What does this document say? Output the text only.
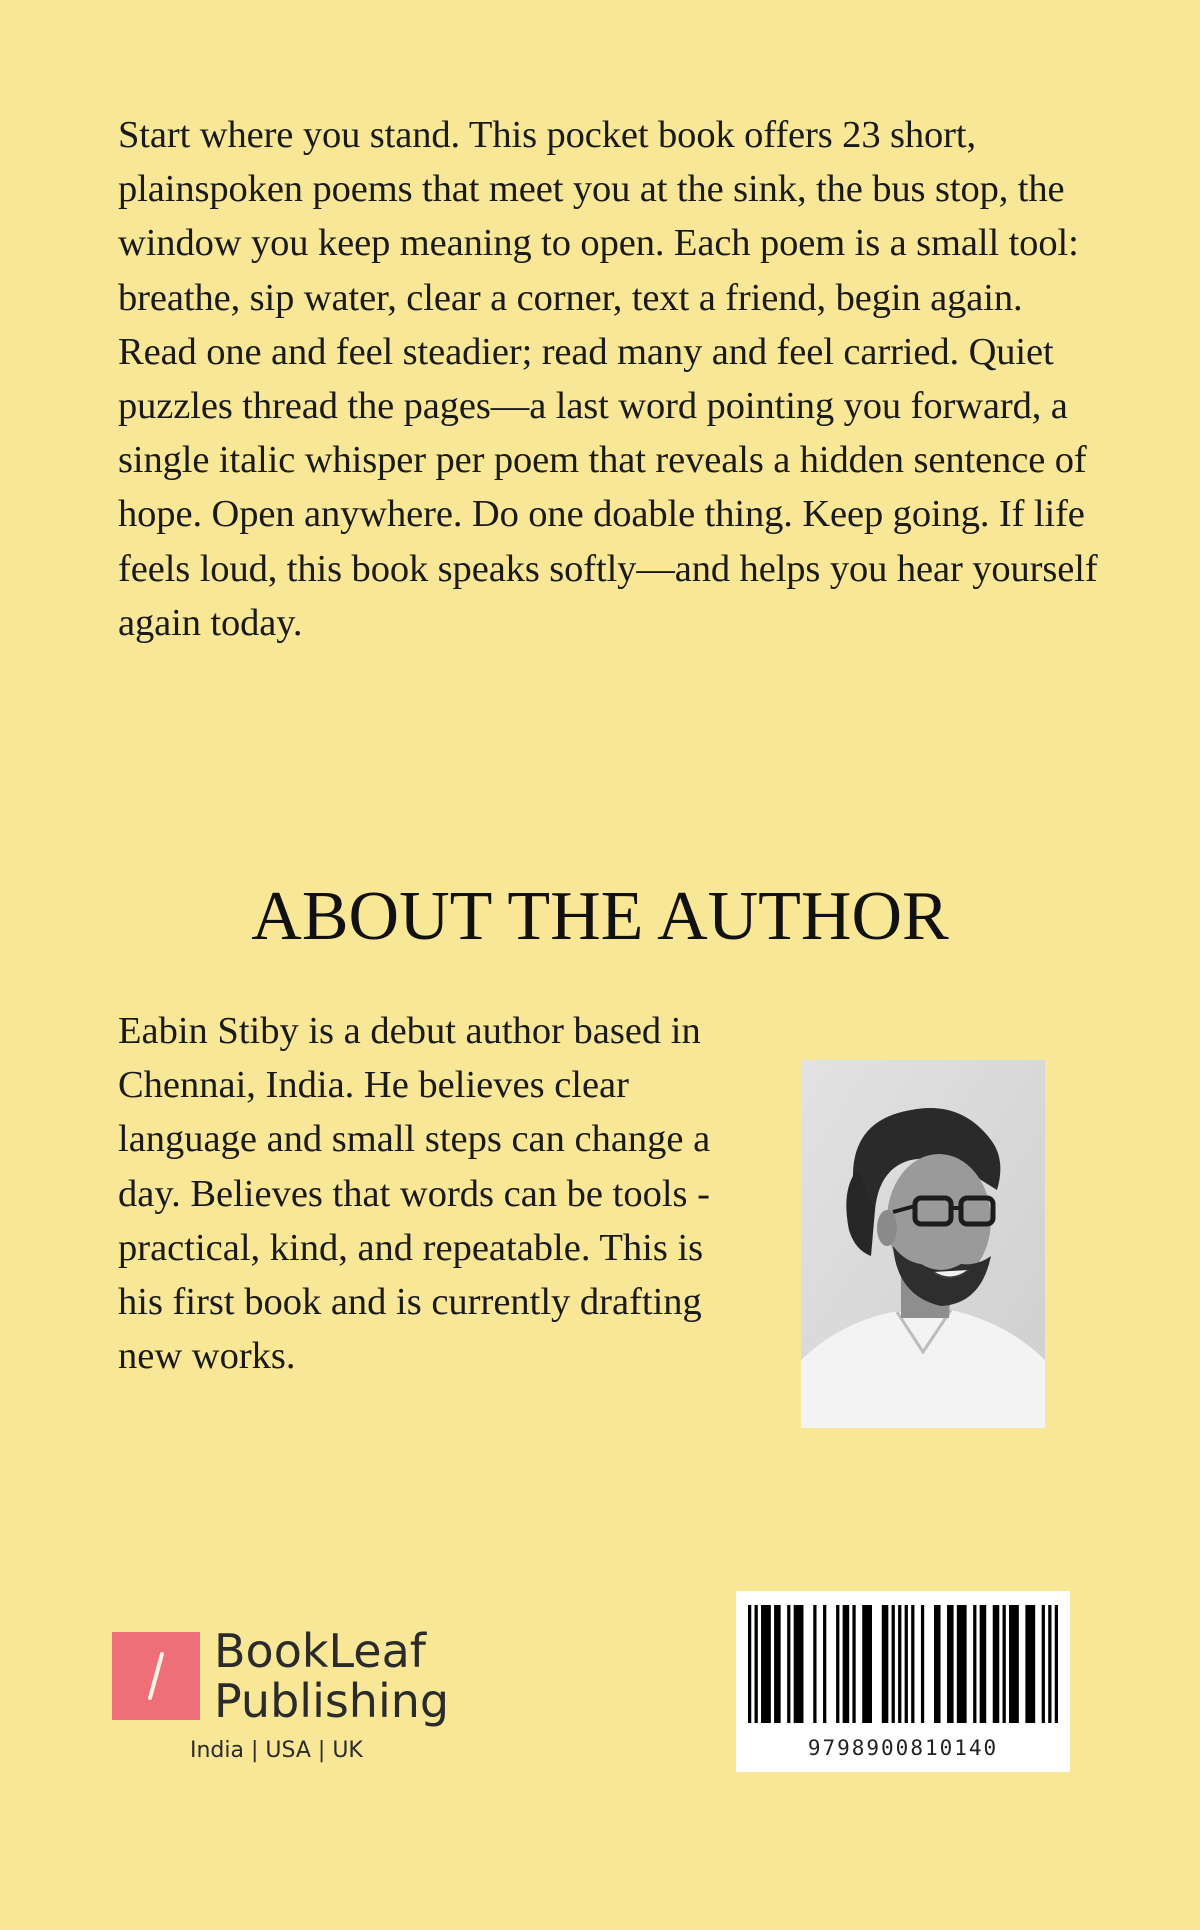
Start where you stand. This pocket book offers 23 short, plainspoken poems that meet you at the sink, the bus stop, the window you keep meaning to open. Each poem is a small tool: breathe, sip water, clear a corner, text a friend, begin again. Read one and feel steadier; read many and feel carried. Quiet puzzles thread the pages—a last word pointing you forward, a single italic whisper per poem that reveals a hidden sentence of hope. Open anywhere. Do one doable thing. Keep going. If life feels loud, this book speaks softly—and helps you hear yourself again today.

ABOUT THE AUTHOR

Eabin Stiby is a debut author based in Chennai, India. He believes clear language and small steps can change a day. Believes that words can be tools - practical, kind, and repeatable. This is his first book and is currently drafting new works.

BookLeaf
Publishing
India | USA | UK	9798900810140
